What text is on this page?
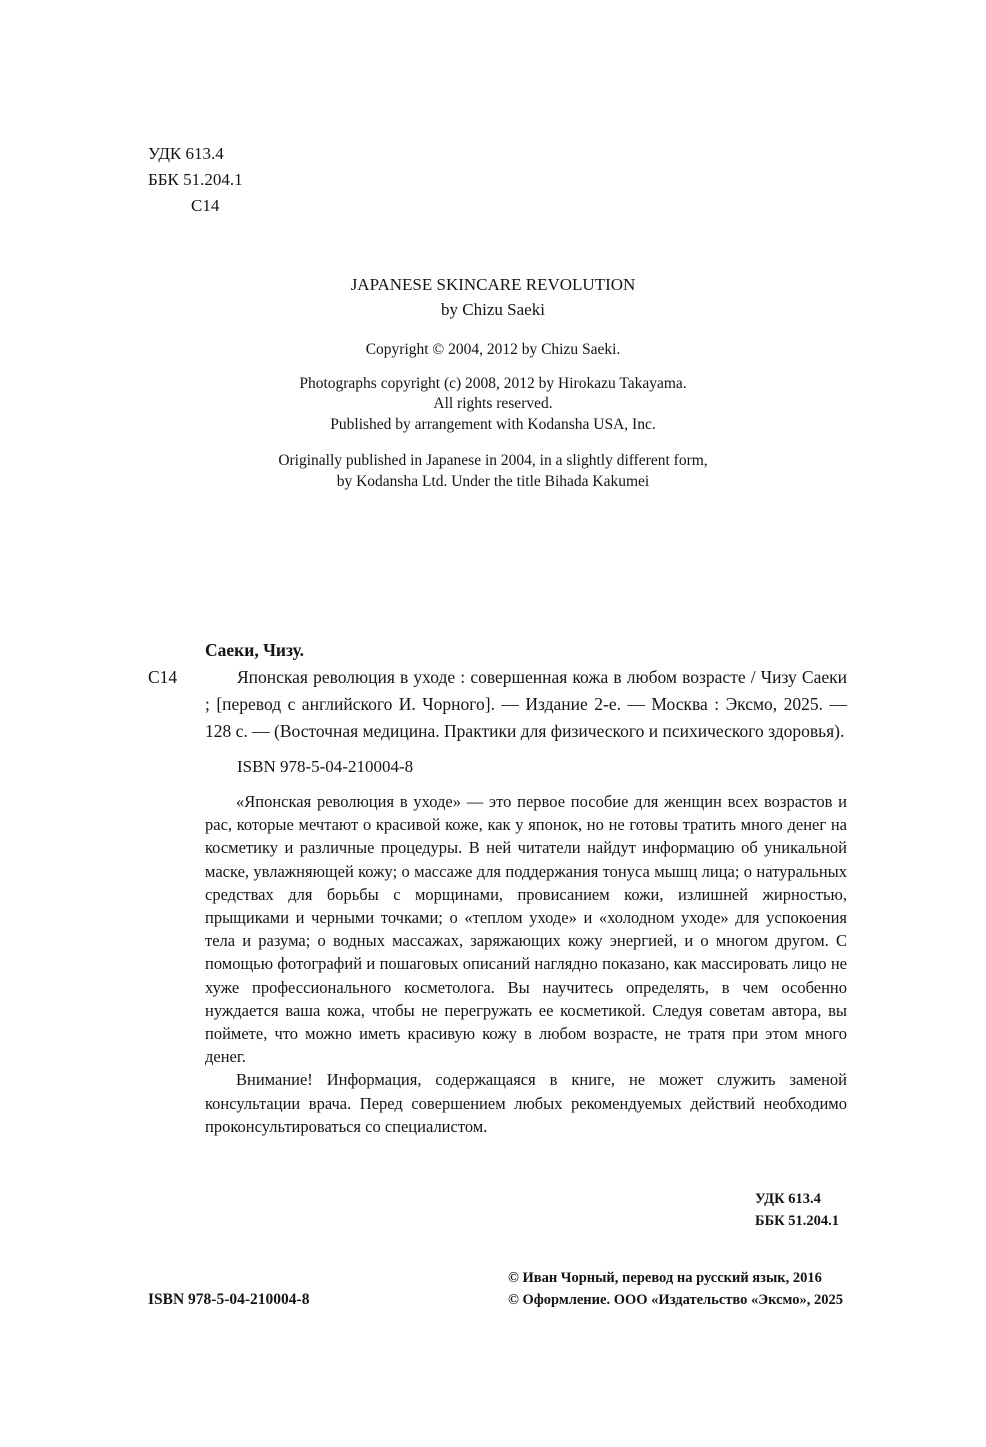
УДК 613.4
ББК 51.204.1
С14
JAPANESE SKINCARE REVOLUTION
by Chizu Saeki
Copyright © 2004, 2012 by Chizu Saeki.
Photographs copyright (c) 2008, 2012 by Hirokazu Takayama.
All rights reserved.
Published by arrangement with Kodansha USA, Inc.
Originally published in Japanese in 2004, in a slightly different form,
by Kodansha Ltd. Under the title Bihada Kakumei
Саеки, Чизу.
С14	Японская революция в уходе : совершенная кожа в любом возрасте / Чизу Саеки ; [перевод с английского И. Чорного]. — Издание 2-е. — Москва : Эксмо, 2025. — 128 с. — (Восточная медицина. Практики для физического и психического здоровья).

ISBN 978-5-04-210004-8

«Японская революция в уходе» — это первое пособие для женщин всех возрастов и рас, которые мечтают о красивой коже, как у японок, но не готовы тратить много денег на косметику и различные процедуры. В ней читатели найдут информацию об уникальной маске, увлажняющей кожу; о массаже для поддержания тонуса мышц лица; о натуральных средствах для борьбы с морщинами, провисанием кожи, излишней жирностью, прыщиками и черными точками; о «теплом уходе» и «холодном уходе» для успокоения тела и разума; о водных массажах, заряжающих кожу энергией, и о многом другом. С помощью фотографий и пошаговых описаний наглядно показано, как массировать лицо не хуже профессионального косметолога. Вы научитесь определять, в чем особенно нуждается ваша кожа, чтобы не перегружать ее косметикой. Следуя советам автора, вы поймете, что можно иметь красивую кожу в любом возрасте, не тратя при этом много денег.

Внимание! Информация, содержащаяся в книге, не может служить заменой консультации врача. Перед совершением любых рекомендуемых действий необходимо проконсультироваться со специалистом.

УДК 613.4
ББК 51.204.1
ISBN 978-5-04-210004-8
© Иван Чорный, перевод на русский язык, 2016
© Оформление. ООО «Издательство «Эксмо», 2025
